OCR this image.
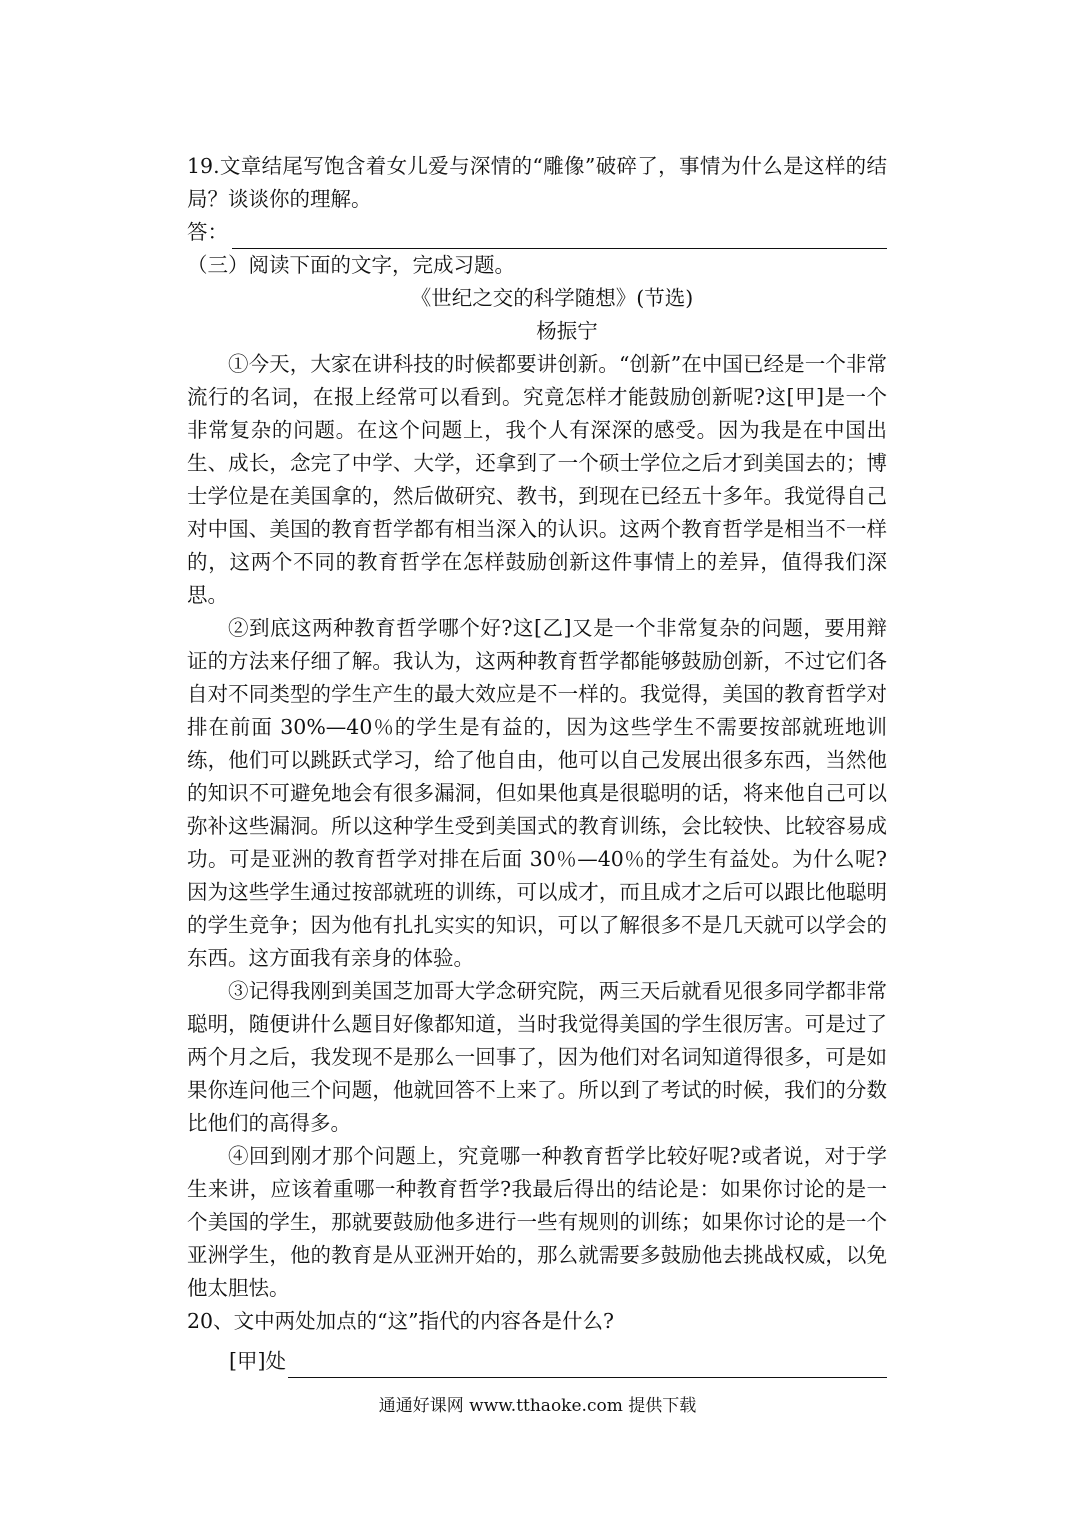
19.文章结尾写饱含着女儿爱与深情的“雕像”破碎了，事情为什么是这样的结局？谈谈你的理解。

答：

（三）阅读下面的文字，完成习题。

《世纪之交的科学随想》(节选)

杨振宁

①今天，大家在讲科技的时候都要讲创新。“创新”在中国已经是一个非常流行的名词，在报上经常可以看到。究竟怎样才能鼓励创新呢?这[甲]是一个非常复杂的问题。在这个问题上，我个人有深深的感受。因为我是在中国出生、成长，念完了中学、大学，还拿到了一个硕士学位之后才到美国去的；博士学位是在美国拿的，然后做研究、教书，到现在已经五十多年。我觉得自己对中国、美国的教育哲学都有相当深入的认识。这两个教育哲学是相当不一样的，这两个不同的教育哲学在怎样鼓励创新这件事情上的差异，值得我们深思。

②到底这两种教育哲学哪个好?这[乙]又是一个非常复杂的问题，要用辩证的方法来仔细了解。我认为，这两种教育哲学都能够鼓励创新，不过它们各自对不同类型的学生产生的最大效应是不一样的。我觉得，美国的教育哲学对排在前面 30%—40％的学生是有益的，因为这些学生不需要按部就班地训练，他们可以跳跃式学习，给了他自由，他可以自己发展出很多东西，当然他的知识不可避免地会有很多漏洞，但如果他真是很聪明的话，将来他自己可以弥补这些漏洞。所以这种学生受到美国式的教育训练，会比较快、比较容易成功。可是亚洲的教育哲学对排在后面 30％—40％的学生有益处。为什么呢?因为这些学生通过按部就班的训练，可以成才，而且成才之后可以跟比他聪明的学生竞争；因为他有扎扎实实的知识，可以了解很多不是几天就可以学会的东西。这方面我有亲身的体验。

③记得我刚到美国芝加哥大学念研究院，两三天后就看见很多同学都非常聪明，随便讲什么题目好像都知道，当时我觉得美国的学生很厉害。可是过了两个月之后，我发现不是那么一回事了，因为他们对名词知道得很多，可是如果你连问他三个问题，他就回答不上来了。所以到了考试的时候，我们的分数比他们的高得多。

④回到刚才那个问题上，究竟哪一种教育哲学比较好呢?或者说，对于学生来讲，应该着重哪一种教育哲学?我最后得出的结论是：如果你讨论的是一个美国的学生，那就要鼓励他多进行一些有规则的训练；如果你讨论的是一个亚洲学生，他的教育是从亚洲开始的，那么就需要多鼓励他去挑战权威，以免他太胆怯。

20、文中两处加点的“这”指代的内容各是什么?

[甲]处
通通好课网 www.tthaoke.com 提供下载
